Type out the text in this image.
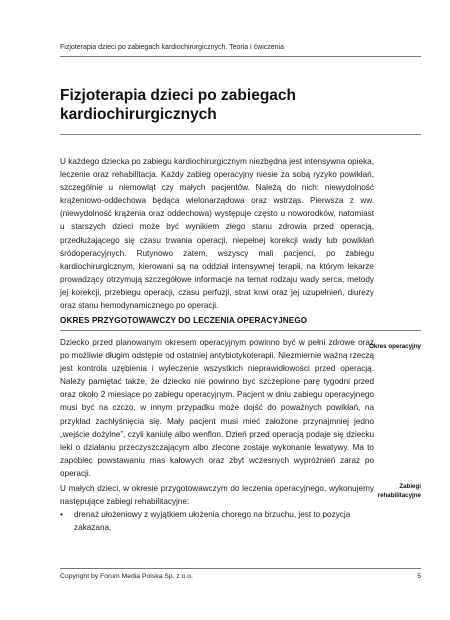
Fizjoterapia dzieci po zabiegach kardiochirurgicznych. Teoria i ćwiczenia
Fizjoterapia dzieci po zabiegach kardiochirurgicznych

U każdego dziecka po zabiegu kardiochirurgicznym niezbędna jest intensywna opieka, leczenie oraz rehabilitacja. Każdy zabieg operacyjny niesie za sobą ryzyko powikłań, szczególnie u niemowląt czy małych pacjentów. Należą do nich: niewydolność krążeniowo-oddechowa będąca wielonarządowa oraz wstrząs. Pierwsza z ww. (niewydolność krążenia oraz oddechowa) występuje często u noworodków, natomiast u starszych dzieci może być wynikiem złego stanu zdrowia przed operacją, przedłużającego się czasu trwania operacji, niepełnej korekcji wady lub powikłań śródoperacyjnych. Rutynowo zatem, wszyscy mali pacjenci, po zabiegu kardiochirurgicznym, kierowani są na oddział intensywnej terapii, na którym lekarze prowadzący otrzymują szczegółowe informacje na temat rodzaju wady serca, metody jej korekcji, przebiegu operacji, czasu perfuzji, strat krwi oraz jej uzupełnień, diurezy oraz stanu hemodynamicznego po operacji.

OKRES PRZYGOTOWAWCZY DO LECZENIA OPERACYJNEGO

Dziecko przed planowanym okresem operacyjnym powinno być w pełni zdrowe oraz po możliwie długim odstępie od ostatniej antybiotykoterapii. Niezmiernie ważną rzeczą jest kontrola uzębienia i wyleczenie wszystkich nieprawidłowości przed operacją. Należy pamiętać także, że dziecko nie powinno być szczepione parę tygodni przed oraz około 2 miesiące po zabiegu operacyjnym. Pacjent w dniu zabiegu operacyjnego musi być na czczo, w innym przypadku może dojść do poważnych powikłań, na przykład zachłyśnięcia się. Mały pacjent musi mieć założone przynajmniej jedno „wejście dożylne”, czyli kaniulę albo wenflon. Dzień przed operacją podaje się dziecku leki o działaniu przeczyszczającym albo zlecone zostaje wykonanie lewatywy. Ma to zapobiec powstawaniu mas kałowych oraz zbyt wczesnych wypróżnień zaraz po operacji.

U małych dzieci, w okresie przygotowawczym do leczenia operacyjnego, wykonujemy następujące zabiegi rehabilitacyjne:

• drenaż ułożeniowy z wyjątkiem ułożenia chorego na brzuchu, jest to pozycja zakazana,

Okres operacyjny

Zabiegi rehabilitacyjne

Copyright by Forum Media Polska Sp. z o.o.	5
